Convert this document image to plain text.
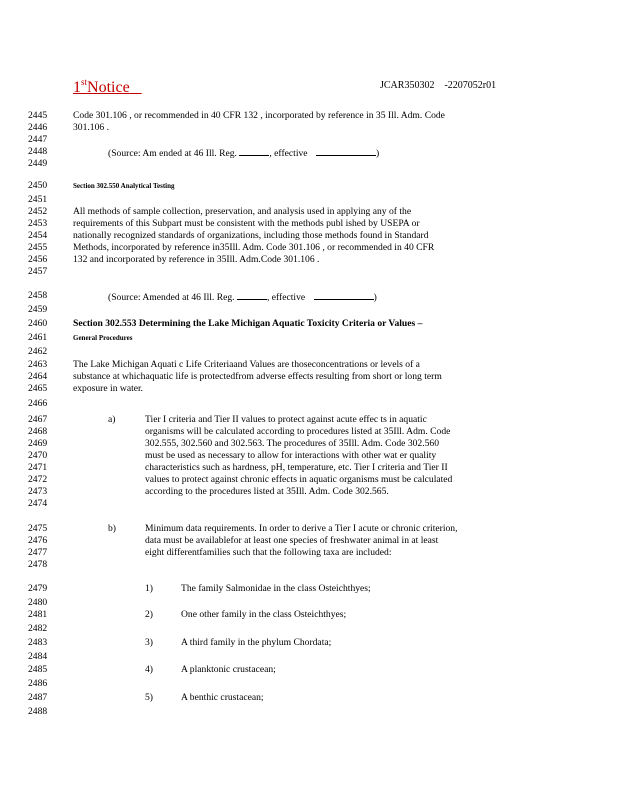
1stNotice	JCAR350302    -2207052r01
2445
2446
2447
2448
2449
2450
2451
2452
2453
2454
2455
2456
2457
2458
2459
2460
2461
2462
2463
2464
2465
2466
2467
2468
2469
2470
2471
2472
2473
2474
2475
2476
2477
2478
2479
2480
2481
2482
2483
2484
2485
2486
2487
2488
Code 301.106 , or recommended in 40 CFR 132 , incorporated by reference in 35 Ill. Adm. Code
301.106 .
(Source: Am ended at 46 Ill. Reg.	, effective	)
Section 302.550 Analytical Testing
All methods of sample collection, preservation, and analysis used in applying any of the
requirements of this Subpart must be consistent with the methods publ ished by USEPA or
nationally recognized standards of organizations, including those methods found in Standard
Methods, incorporated by reference in35Ill. Adm. Code 301.106 , or recommended in 40 CFR
132 and incorporated by reference in 35Ill. Adm.Code 301.106 .
(Source: Amended at 46 Ill. Reg.	, effective	)
Section 302.553 Determining the Lake Michigan Aquatic Toxicity Criteria or Values –
General Procedures
The Lake Michigan Aquati c Life Criteriaand Values are thoseconcentrations or levels of a
substance at whichaquatic life is protectedfrom adverse effects resulting from short or long term
exposure in water.
a)	Tier I criteria and Tier II values to protect against acute effec ts in aquatic
organisms will be calculated according to procedures listed at 35Ill. Adm. Code
302.555, 302.560 and 302.563. The procedures of 35Ill. Adm. Code 302.560
must be used as necessary to allow for interactions with other wat er quality
characteristics such as hardness, pH, temperature, etc. Tier I criteria and Tier II
values to protect against chronic effects in aquatic organisms must be calculated
according to the procedures listed at 35Ill. Adm. Code 302.565.
b)	Minimum data requirements. In order to derive a Tier I acute or chronic criterion,
data must be availablefor at least one species of freshwater animal in at least
eight differentfamilies such that the following taxa are included:
1)	The family Salmonidae in the class Osteichthyes;
2)	One other family in the class Osteichthyes;
3)	A third family in the phylum Chordata;
4)	A planktonic crustacean;
5)	A benthic crustacean;
